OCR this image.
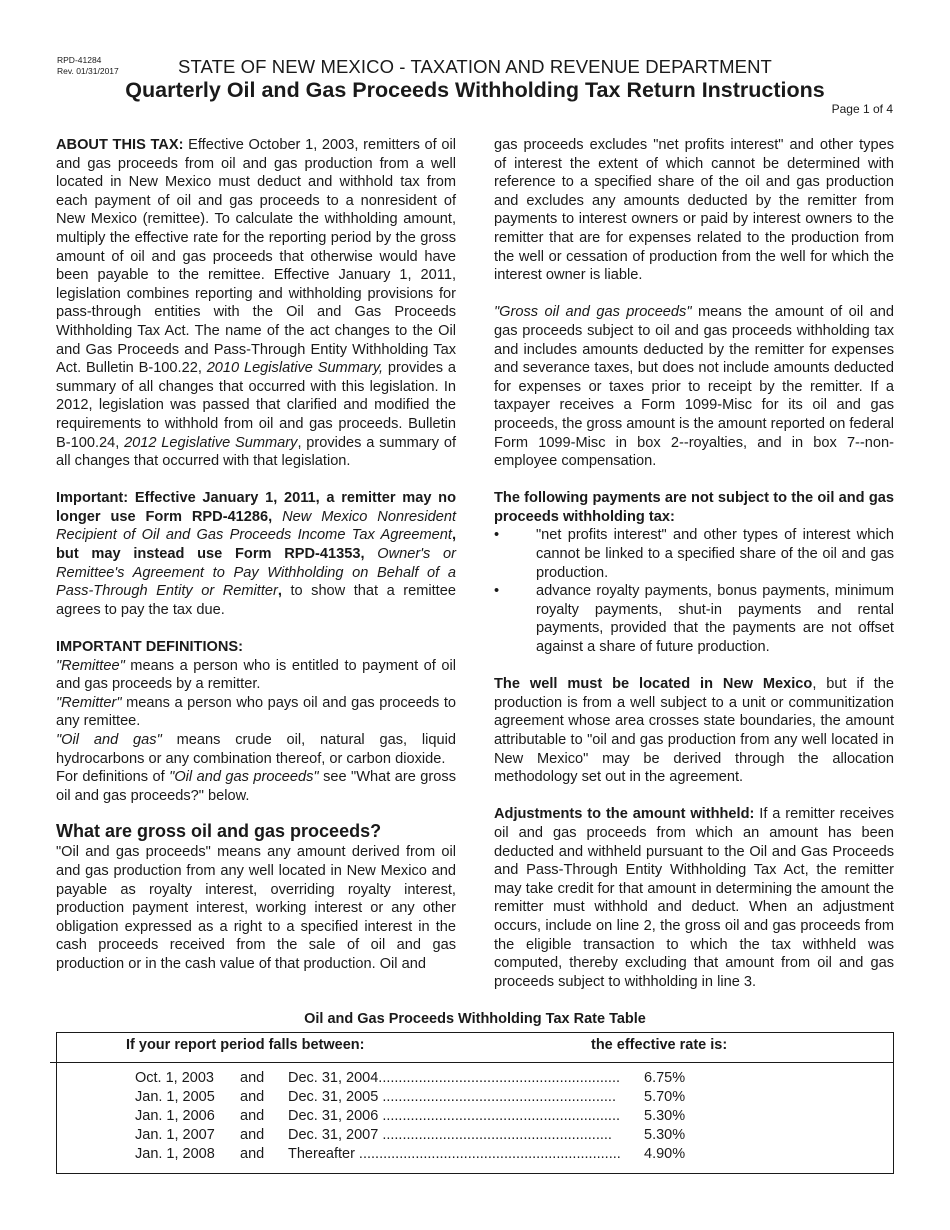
RPD-41284
Rev. 01/31/2017	STATE OF NEW MEXICO - TAXATION AND REVENUE DEPARTMENT
Quarterly Oil and Gas Proceeds Withholding Tax Return Instructions
Page 1 of 4

ABOUT THIS TAX: Effective October 1, 2003, remitters of oil and gas proceeds from oil and gas production from a well located in New Mexico must deduct and withhold tax from each payment of oil and gas proceeds to a nonresident of New Mexico (remittee). To calculate the withholding amount, multiply the effective rate for the reporting period by the gross amount of oil and gas proceeds that otherwise would have been payable to the remittee. Effective January 1, 2011, legislation combines reporting and withholding provisions for pass-through entities with the Oil and Gas Proceeds Withholding Tax Act. The name of the act changes to the Oil and Gas Proceeds and Pass-Through Entity Withholding Tax Act. Bulletin B-100.22, 2010 Legislative Summary, provides a summary of all changes that occurred with this legislation. In 2012, legislation was passed that clarified and modified the requirements to withhold from oil and gas proceeds. Bulletin B-100.24, 2012 Legislative Summary, provides a summary of all changes that occurred with that legislation.

Important: Effective January 1, 2011, a remitter may no longer use Form RPD-41286, New Mexico Nonresident Recipient of Oil and Gas Proceeds Income Tax Agreement, but may instead use Form RPD-41353, Owner's or Remittee's Agreement to Pay Withholding on Behalf of a Pass-Through Entity or Remitter, to show that a remittee agrees to pay the tax due.

IMPORTANT DEFINITIONS:

"Remittee" means a person who is entitled to payment of oil and gas proceeds by a remitter.

"Remitter" means a person who pays oil and gas proceeds to any remittee.

"Oil and gas" means crude oil, natural gas, liquid hydrocarbons or any combination thereof, or carbon dioxide.

For definitions of "Oil and gas proceeds" see "What are gross oil and gas proceeds?" below.

What are gross oil and gas proceeds?

"Oil and gas proceeds" means any amount derived from oil and gas production from any well located in New Mexico and payable as royalty interest, overriding royalty interest, production payment interest, working interest or any other obligation expressed as a right to a specified interest in the cash proceeds received from the sale of oil and gas production or in the cash value of that production. Oil and

gas proceeds excludes "net profits interest" and other types of interest the extent of which cannot be determined with reference to a specified share of the oil and gas production and excludes any amounts deducted by the remitter from payments to interest owners or paid by interest owners to the remitter that are for expenses related to the production from the well or cessation of production from the well for which the interest owner is liable.

"Gross oil and gas proceeds" means the amount of oil and gas proceeds subject to oil and gas proceeds withholding tax and includes amounts deducted by the remitter for expenses and severance taxes, but does not include amounts deducted for expenses or taxes prior to receipt by the remitter. If a taxpayer receives a Form 1099-Misc for its oil and gas proceeds, the gross amount is the amount reported on federal Form 1099-Misc in box 2--royalties, and in box 7--non-employee compensation.

The following payments are not subject to the oil and gas proceeds withholding tax:

•	"net profits interest" and other types of interest which cannot be linked to a specified share of the oil and gas production.
•	advance royalty payments, bonus payments, minimum royalty payments, shut-in payments and rental payments, provided that the payments are not offset against a share of future production.

The well must be located in New Mexico, but if the production is from a well subject to a unit or communitization agreement whose area crosses state boundaries, the amount attributable to "oil and gas production from any well located in New Mexico" may be derived through the allocation methodology set out in the agreement.

Adjustments to the amount withheld: If a remitter receives oil and gas proceeds from which an amount has been deducted and withheld pursuant to the Oil and Gas Proceeds and Pass-Through Entity Withholding Tax Act, the remitter may take credit for that amount in determining the amount the remitter must withhold and deduct. When an adjustment occurs, include on line 2, the gross oil and gas proceeds from the eligible transaction to which the tax withheld was computed, thereby excluding that amount from oil and gas proceeds subject to withholding in line 3.

Oil and Gas Proceeds Withholding Tax Rate Table
If your report period falls between:	the effective rate is:
Oct. 1, 2003	and	Dec. 31, 2004............................................................	6.75%
Jan. 1, 2005	and	Dec. 31, 2005 ..........................................................	5.70%
Jan. 1, 2006	and	Dec. 31, 2006 ...........................................................	5.30%
Jan. 1, 2007	and	Dec. 31, 2007 .........................................................	5.30%
Jan. 1, 2008	and	Thereafter .................................................................	4.90%
